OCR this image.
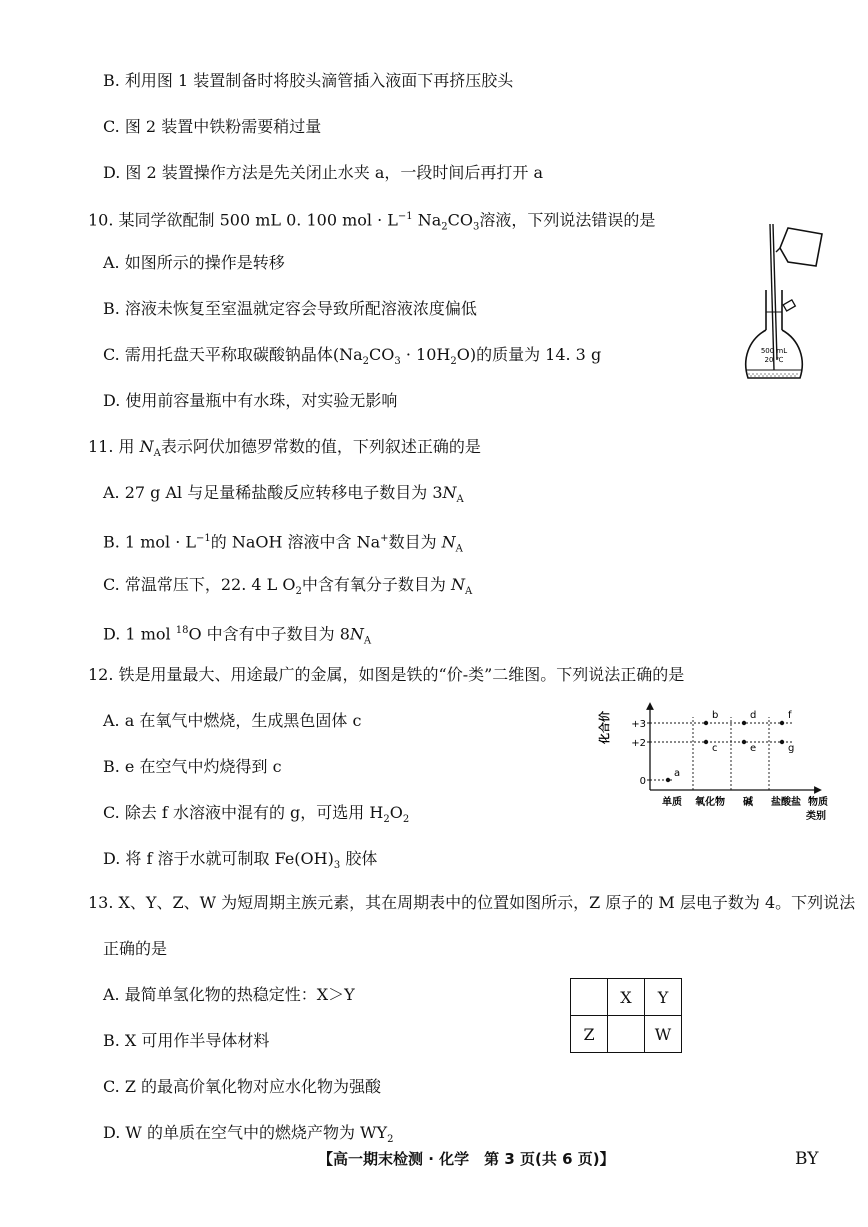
B. 利用图 1 装置制备时将胶头滴管插入液面下再挤压胶头
C. 图 2 装置中铁粉需要稍过量
D. 图 2 装置操作方法是先关闭止水夹 a，一段时间后再打开 a
10. 某同学欲配制 500 mL 0. 100 mol · $L^{-1}$ $Na_2CO_3$溶液，下列说法错误的是
A. 如图所示的操作是转移
B. 溶液未恢复至室温就定容会导致所配溶液浓度偏低
C. 需用托盘天平称取碳酸钠晶体$(Na_2CO_3 \cdot 10H_2O)$的质量为 14. 3 g
D. 使用前容量瓶中有水珠，对实验无影响
500 mL
20 ℃
11. 用 $N_A$表示阿伏加德罗常数的值，下列叙述正确的是
A. 27 g Al 与足量稀盐酸反应转移电子数目为 $3N_A$
B. 1 mol · $L^{-1}$的 NaOH 溶液中含 Na+数目为 $N_A$
C. 常温常压下，22. 4 L $O_2$中含有氧分子数目为 $N_A$
D. 1 mol $^{18}$O 中含有中子数目为 $8N_A$
12. 铁是用量最大、用途最广的金属，如图是铁的“价-类”二维图。下列说法正确的是
A. a 在氧气中燃烧，生成黑色固体 c
B. e 在空气中灼烧得到 c
C. 除去 f 水溶液中混有的 g，可选用 $H_2O_2$
D. 将 f 溶于水就可制取 $Fe(OH)_3$ 胶体
化合价 +3
+2
0
a
b
c
d
e
f
g
单质 氧化物 碱 盐酸盐 物质
类别
13. X、Y、Z、W 为短周期主族元素，其在周期表中的位置如图所示，Z 原子的 M 层电子数为 4。下列说法
正确的是
A. 最简单氢化物的热稳定性：X＞Y
B. X 可用作半导体材料
C. Z 的最高价氧化物对应水化物为强酸
D. W 的单质在空气中的燃烧产物为 $WY_2$
	X	Y
Z		W
【高一期末检测 · 化学　第 3 页(共 6 页)】	BY
